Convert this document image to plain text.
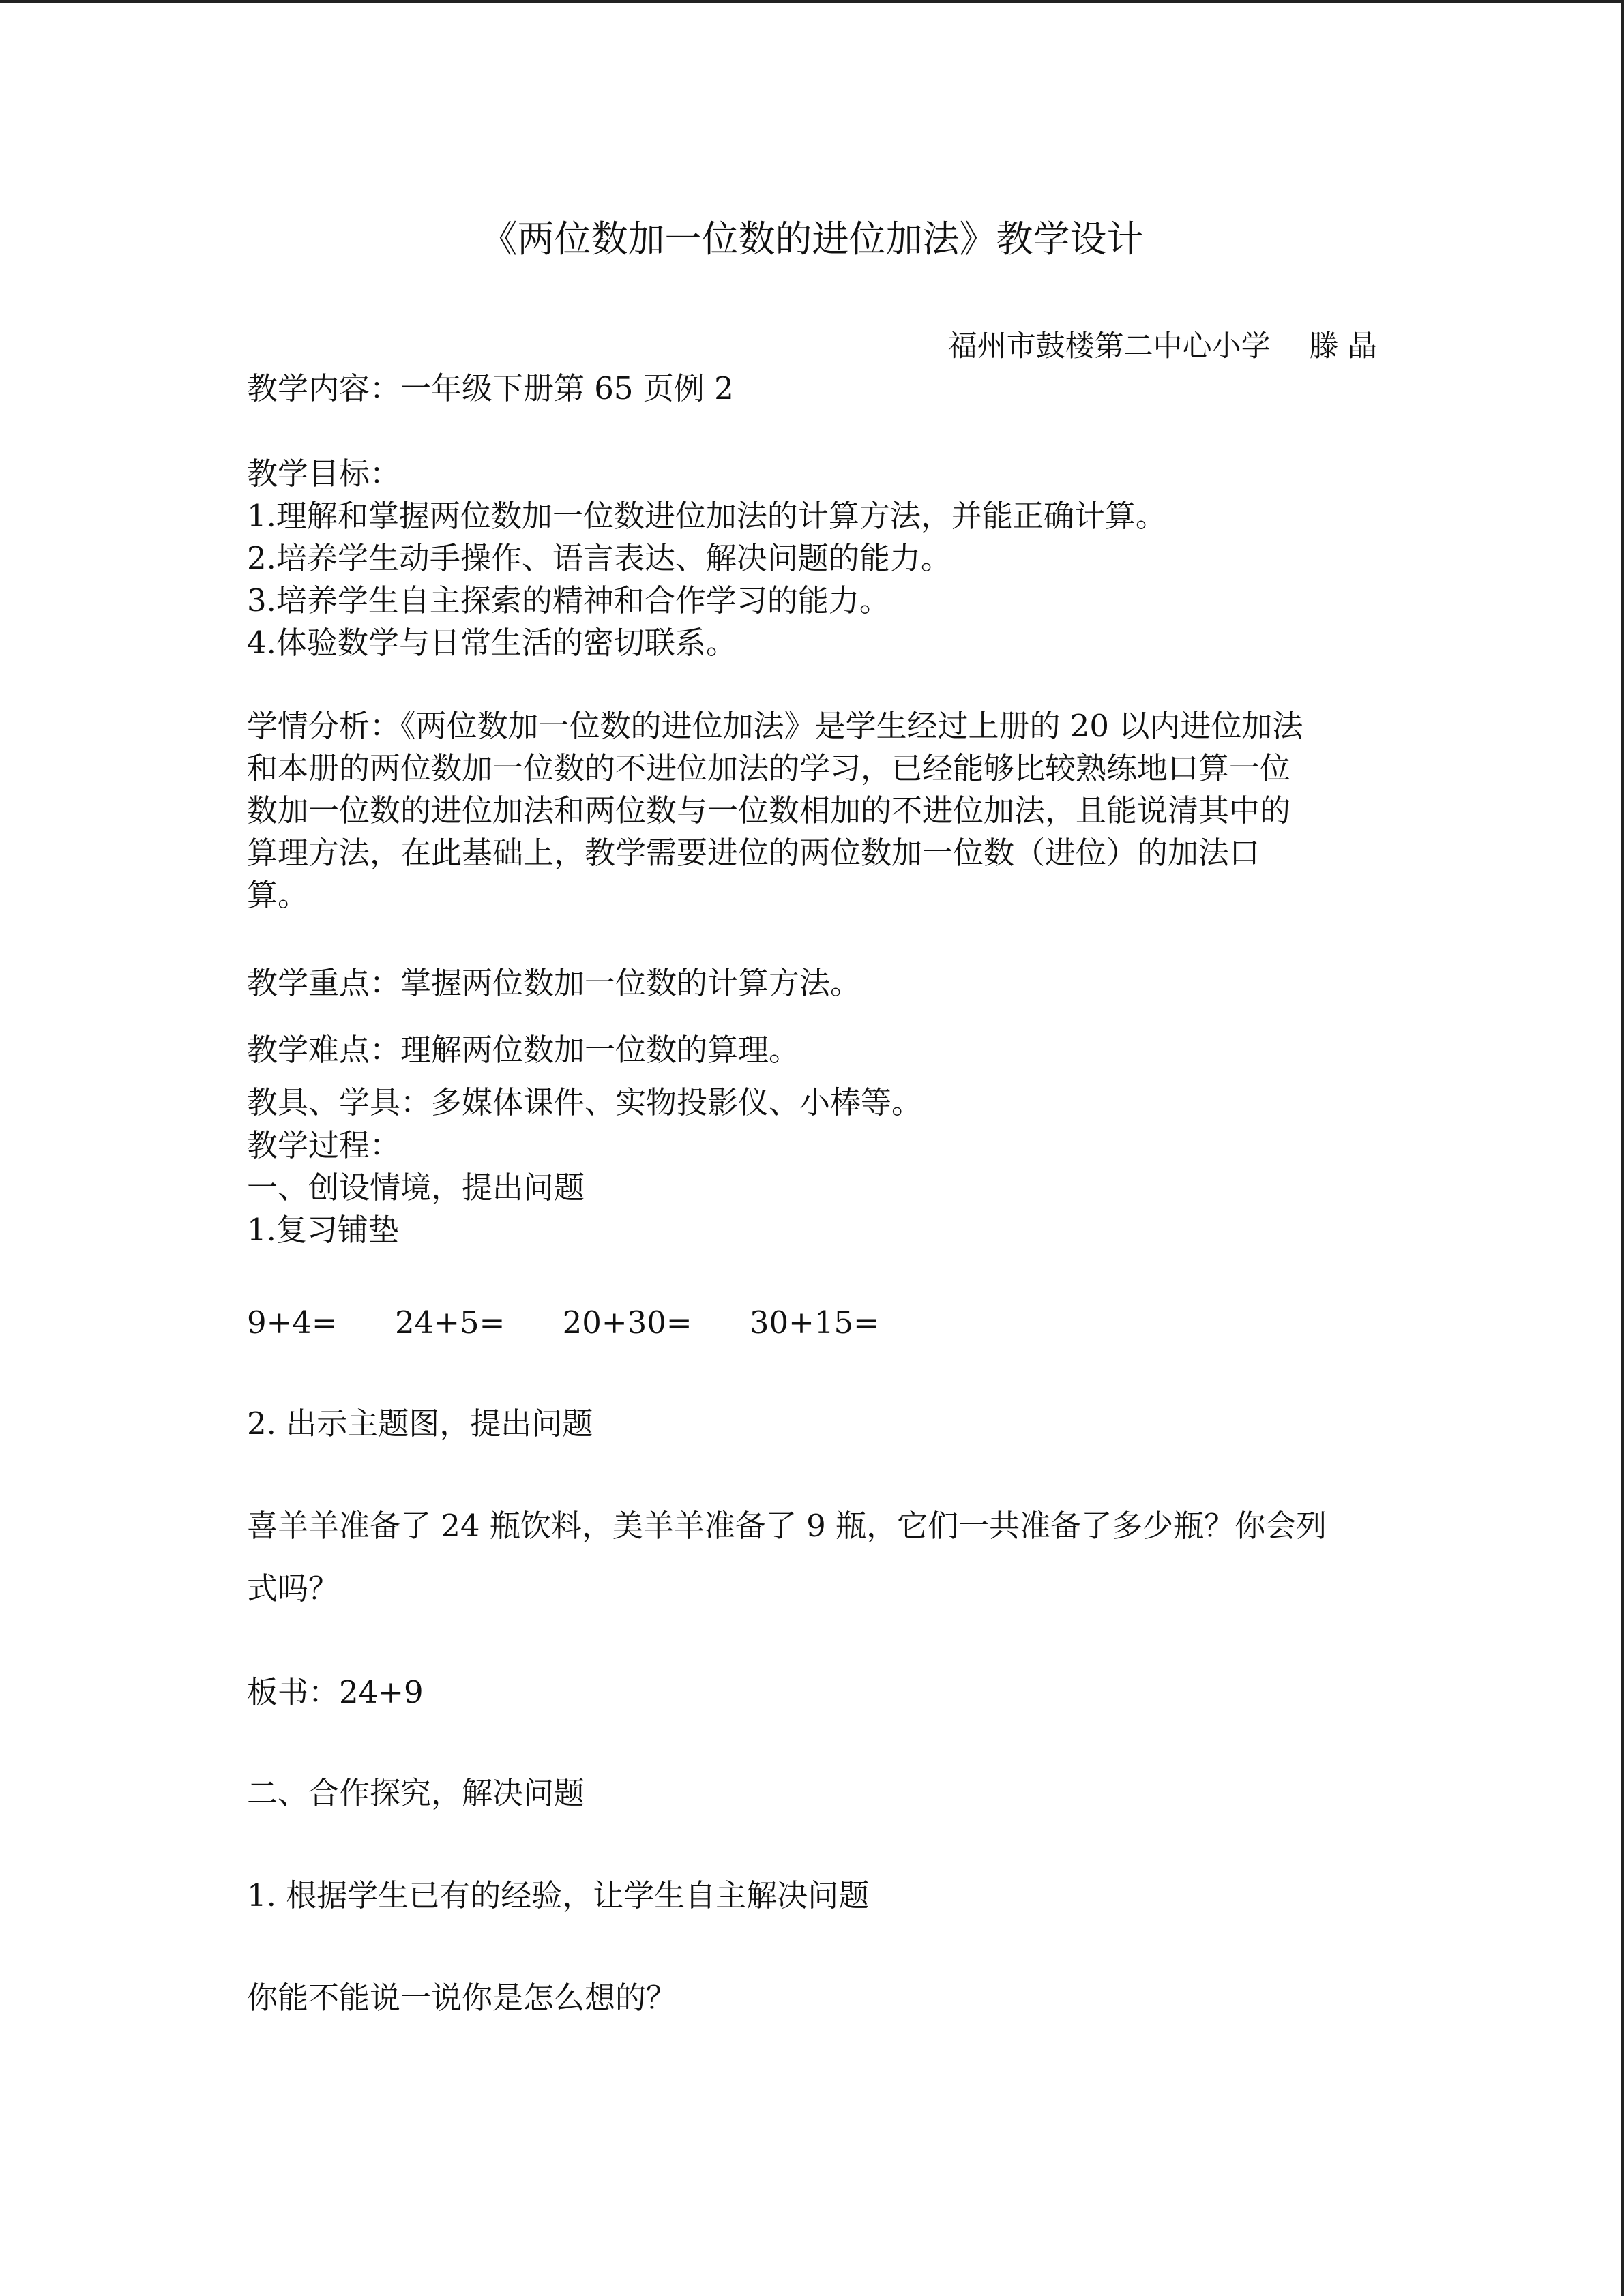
《两位数加一位数的进位加法》教学设计
福州市鼓楼第二中心小学　 滕 晶
教学内容：一年级下册第 65 页例 2
教学目标：
1.理解和掌握两位数加一位数进位加法的计算方法，并能正确计算。
2.培养学生动手操作、语言表达、解决问题的能力。
3.培养学生自主探索的精神和合作学习的能力。
4.体验数学与日常生活的密切联系。
学情分析：《两位数加一位数的进位加法》是学生经过上册的 20 以内进位加法
和本册的两位数加一位数的不进位加法的学习，已经能够比较熟练地口算一位
数加一位数的进位加法和两位数与一位数相加的不进位加法，且能说清其中的
算理方法，在此基础上，教学需要进位的两位数加一位数（进位）的加法口
算。
教学重点：掌握两位数加一位数的计算方法。
教学难点：理解两位数加一位数的算理。
教具、学具：多媒体课件、实物投影仪、小棒等。
教学过程：
一、创设情境，提出问题
1.复习铺垫
9+4= 24+5= 20+30= 30+15=
2. 出示主题图，提出问题
喜羊羊准备了 24 瓶饮料，美羊羊准备了 9 瓶，它们一共准备了多少瓶？你会列
式吗？
板书：24+9
二、合作探究，解决问题
1. 根据学生已有的经验，让学生自主解决问题
你能不能说一说你是怎么想的？
